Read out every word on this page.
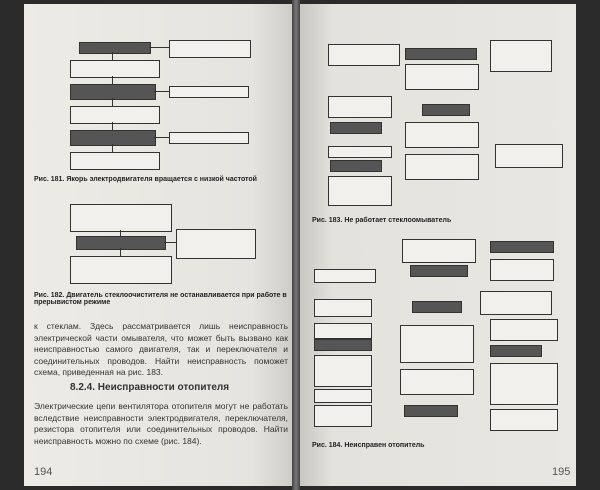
Рис. 181. Якорь электродвигателя вращается с низкой частотой
Рис. 182. Двигатель стеклоочистителя не останавливается при работе в прерывистом режиме
к стеклам. Здесь рассматривается лишь неисправность электрической части омывателя, что может быть вызвано как неисправностью самого двигателя, так и переключателя и соединительных проводов. Найти неисправность поможет схема, приведенная на рис. 183.
8.2.4. Неисправности отопителя
Электрические цепи вентилятора отопителя могут не работать вследствие неисправности электродвигателя, переключателя, резистора отопителя или соединительных проводов. Найти неисправность можно по схеме (рис. 184).
194
Рис. 183. Не работает стеклоомыватель
Рис. 184. Неисправен отопитель
195
